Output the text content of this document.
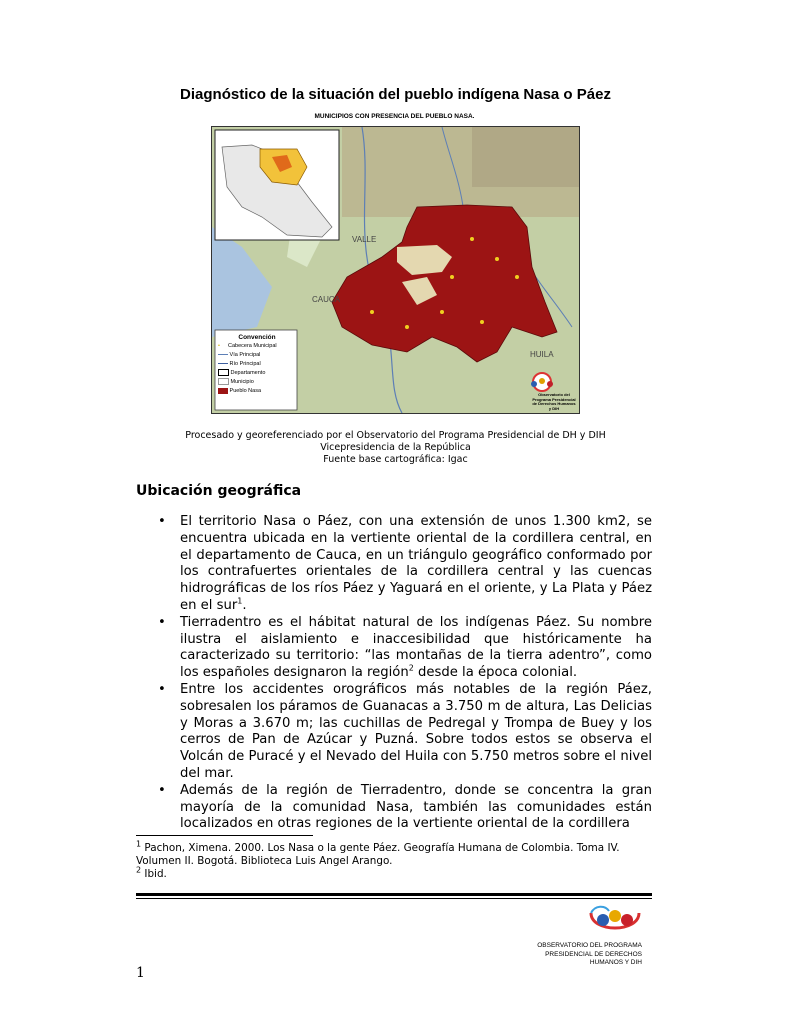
Diagnóstico de la situación del pueblo indígena Nasa o Páez
MUNICIPIOS CON PRESENCIA DEL PUEBLO NASA.
VALLE
CAUCA
HUILA
Convención
• Cabecera Municipal
Vía Principal
Río Principal
Departamento
Municipio
Pueblo Nasa
Observatorio del Programa Presidencial de Derechos Humanos y DIH
Procesado y georeferenciado por el Observatorio del Programa Presidencial de DH y DIH
Vicepresidencia de la República
Fuente base cartográfica: Igac
Ubicación geográfica
• El territorio Nasa o Páez, con una extensión de unos 1.300 km2, se encuentra ubicada en la vertiente oriental de la cordillera central, en el departamento de Cauca, en un triángulo geográfico conformado por los contrafuertes orientales de la cordillera central y las cuencas hidrográficas de los ríos Páez y Yaguará en el oriente, y La Plata y Páez en el sur$^1$.
• Tierradentro es el hábitat natural de los indígenas Páez. Su nombre ilustra el aislamiento e inaccesibilidad que históricamente ha caracterizado su territorio: “las montañas de la tierra adentro”, como los españoles designaron la región$^2$ desde la época colonial.
• Entre los accidentes orográficos más notables de la región Páez, sobresalen los páramos de Guanacas a 3.750 m de altura, Las Delicias y Moras a 3.670 m; las cuchillas de Pedregal y Trompa de Buey y los cerros de Pan de Azúcar y Puzná. Sobre todos estos se observa el Volcán de Puracé y el Nevado del Huila con 5.750 metros sobre el nivel del mar.
• Además de la región de Tierradentro, donde se concentra la gran mayoría de la comunidad Nasa, también las comunidades están localizados en otras regiones de la vertiente oriental de la cordillera
$^1$ Pachon, Ximena. 2000. Los Nasa o la gente Páez. Geografía Humana de Colombia. Toma IV. Volumen II. Bogotá. Biblioteca Luis Angel Arango.
$^2$ Ibid.
1
OBSERVATORIO DEL PROGRAMA
PRESIDENCIAL DE DERECHOS
HUMANOS Y DIH
